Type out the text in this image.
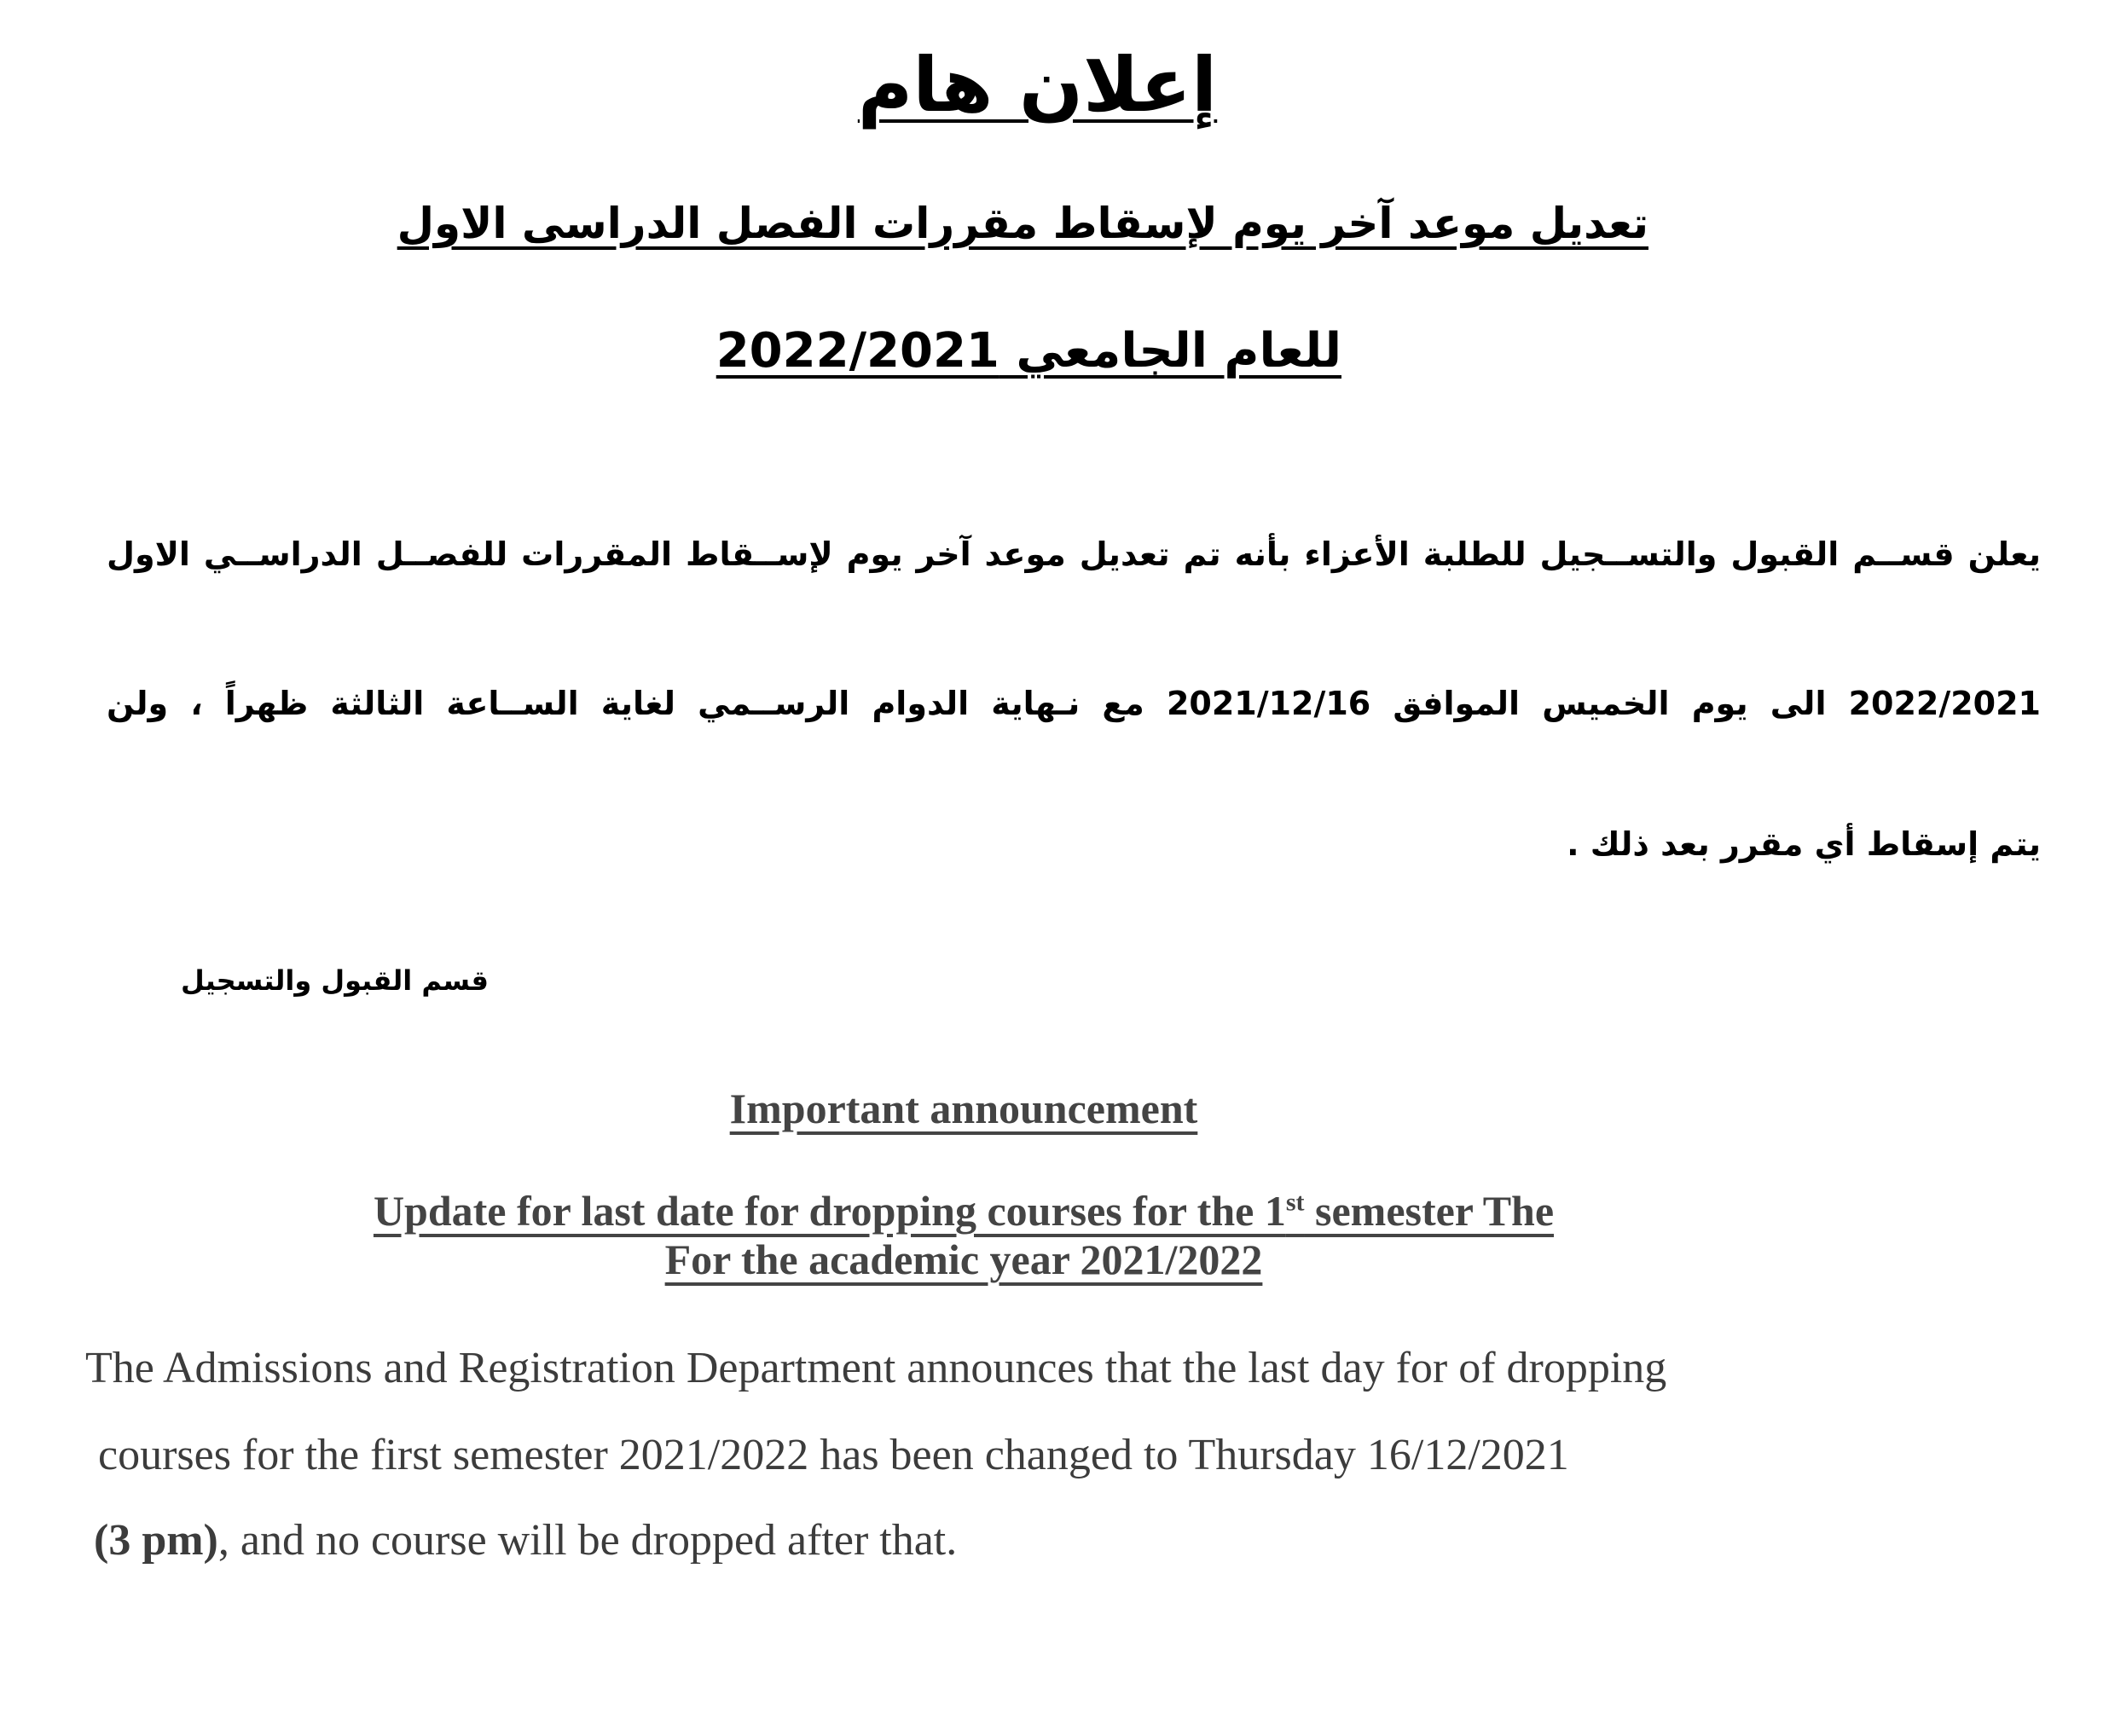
إعلان هام
تعديل موعد آخر يوم لإسقاط مقررات الفصل الدراسى الاول
للعام الجامعي 2022/2021
يعلن قســم القبول والتســجيل للطلبة الأعزاء بأنه تم تعديل موعد آخر يوم لإســقاط المقررات للفصــل الدراســي الاول
2022/2021 الى يوم الخميس الموافق 2021/12/16 مع نـهاية الدوام الرســمي لغاية الســاعة الثالثة ظهراً ، ولن
يتم إسقاط أي مقرر بعد ذلك .
قسم القبول والتسجيل
Important announcement
Update for last date for dropping courses for the 1st semester The
For the academic year 2021/2022
The Admissions and Registration Department announces that the last day for of dropping
courses for the first semester 2021/2022 has been changed to Thursday 16/12/2021
(3 pm), and no course will be dropped after that.
